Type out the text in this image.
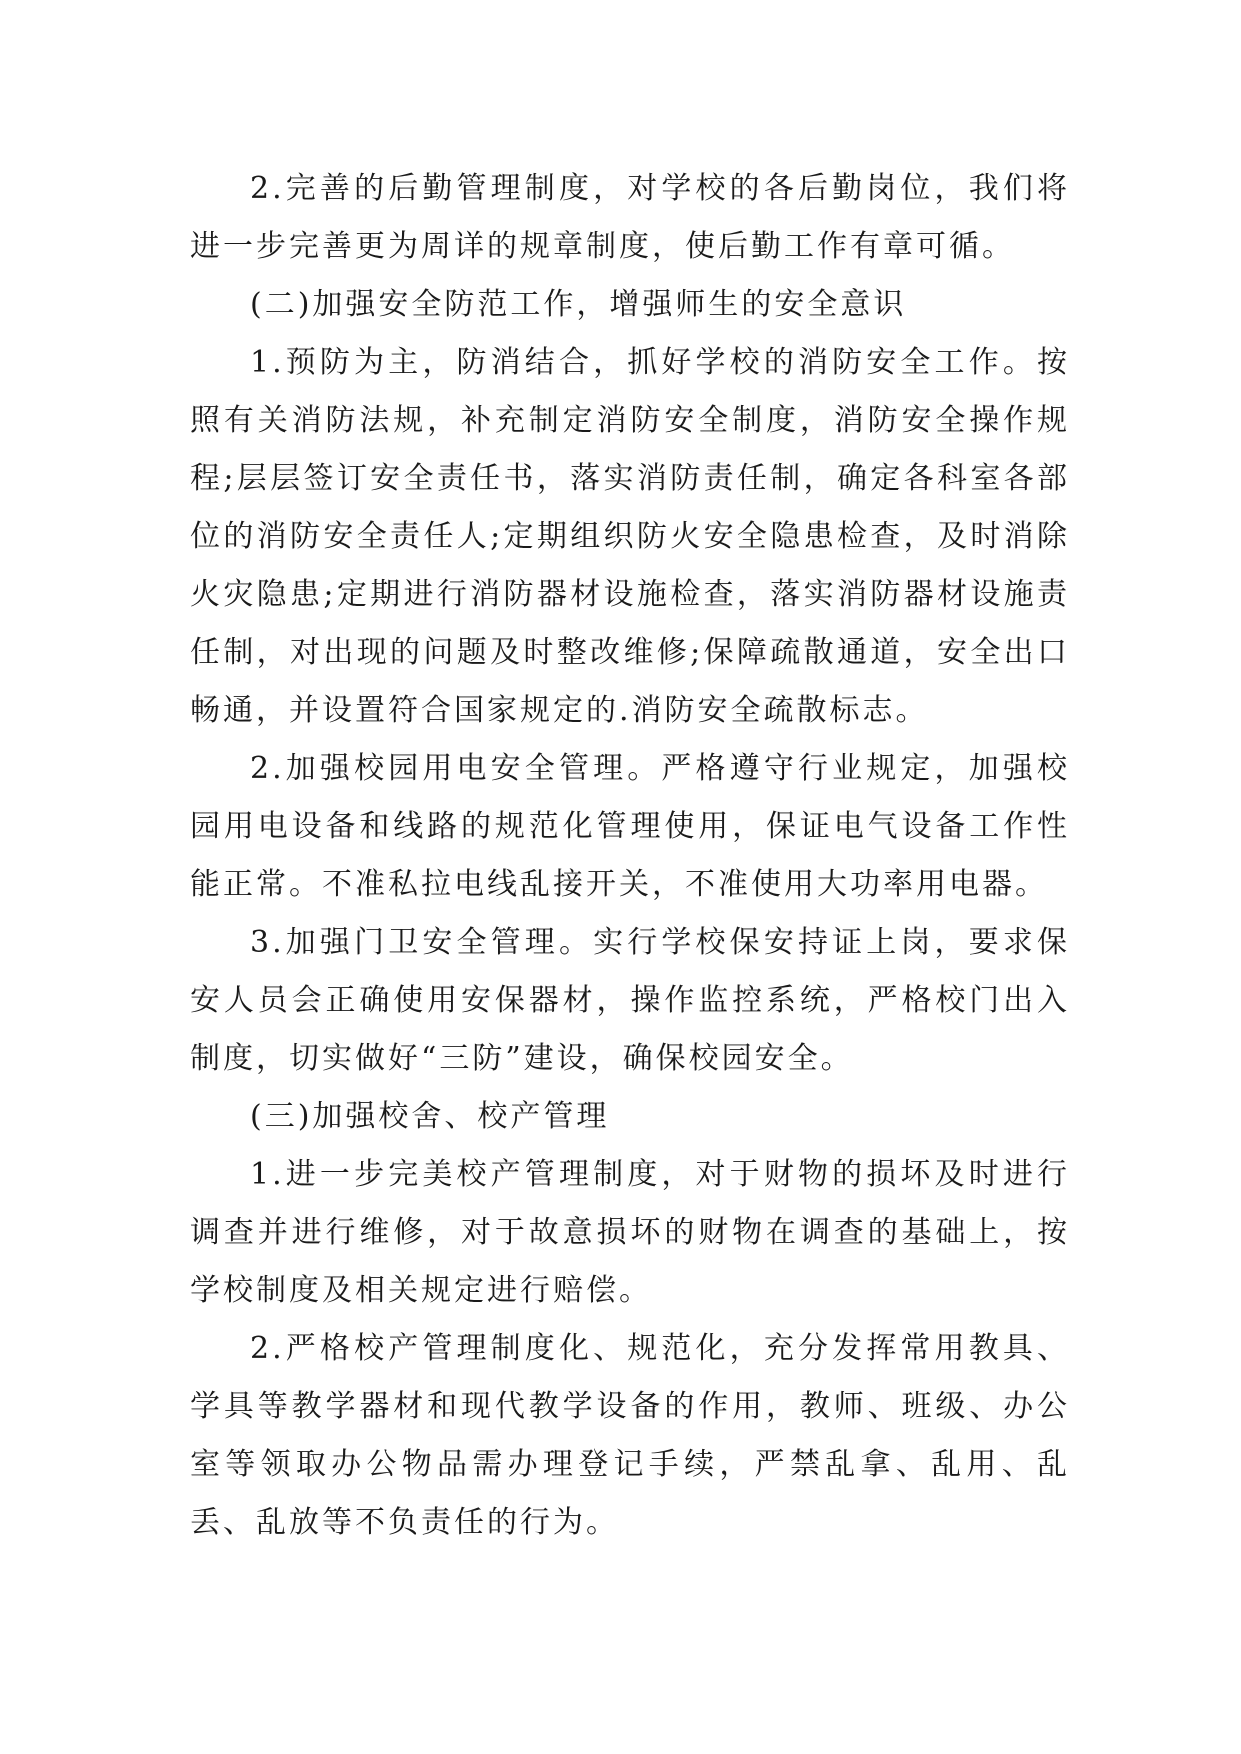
2.完善的后勤管理制度，对学校的各后勤岗位，我们将进一步完善更为周详的规章制度，使后勤工作有章可循。

(二)加强安全防范工作，增强师生的安全意识

1.预防为主，防消结合，抓好学校的消防安全工作。按照有关消防法规，补充制定消防安全制度，消防安全操作规程;层层签订安全责任书，落实消防责任制，确定各科室各部位的消防安全责任人;定期组织防火安全隐患检查，及时消除火灾隐患;定期进行消防器材设施检查，落实消防器材设施责任制，对出现的问题及时整改维修;保障疏散通道，安全出口畅通，并设置符合国家规定的.消防安全疏散标志。

2.加强校园用电安全管理。严格遵守行业规定，加强校园用电设备和线路的规范化管理使用，保证电气设备工作性能正常。不准私拉电线乱接开关，不准使用大功率用电器。

3.加强门卫安全管理。实行学校保安持证上岗，要求保安人员会正确使用安保器材，操作监控系统，严格校门出入制度，切实做好“三防”建设，确保校园安全。

(三)加强校舍、校产管理

1.进一步完美校产管理制度，对于财物的损坏及时进行调查并进行维修，对于故意损坏的财物在调查的基础上，按学校制度及相关规定进行赔偿。

2.严格校产管理制度化、规范化，充分发挥常用教具、学具等教学器材和现代教学设备的作用，教师、班级、办公室等领取办公物品需办理登记手续，严禁乱拿、乱用、乱丢、乱放等不负责任的行为。
